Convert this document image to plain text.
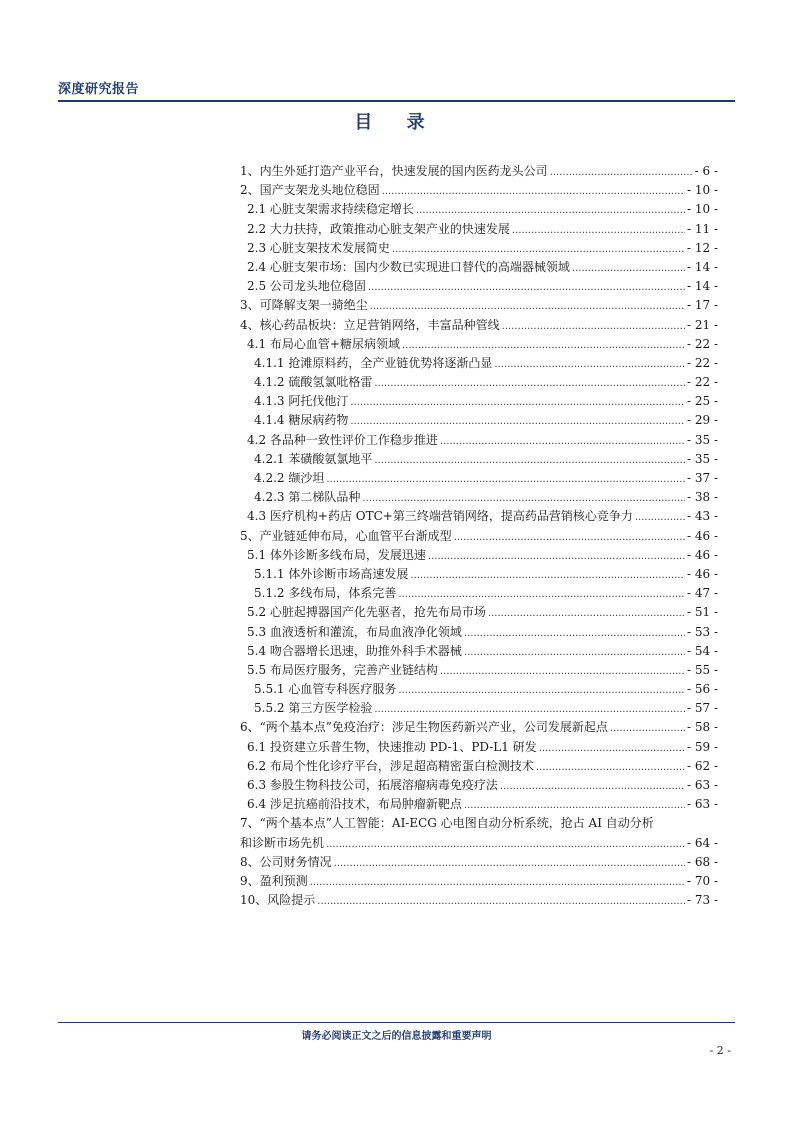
深度研究报告
目 录
1、内生外延打造产业平台，快速发展的国内医药龙头公司 .....	- 6 -
2、国产支架龙头地位稳固 .....	- 10 -
2.1 心脏支架需求持续稳定增长 .....	- 10 -
2.2 大力扶持，政策推动心脏支架产业的快速发展 .....	- 11 -
2.3 心脏支架技术发展简史 .....	- 12 -
2.4 心脏支架市场：国内少数已实现进口替代的高端器械领域 .....	- 14 -
2.5 公司龙头地位稳固 .....	- 14 -
3、可降解支架一骑绝尘 .....	- 17 -
4、核心药品板块：立足营销网络，丰富品种管线 .....	- 21 -
4.1 布局心血管+糖尿病领域 .....	- 22 -
4.1.1 抢滩原料药，全产业链优势将逐渐凸显 .....	- 22 -
4.1.2 硫酸氢氯吡格雷 .....	- 22 -
4.1.3 阿托伐他汀 .....	- 25 -
4.1.4 糖尿病药物 .....	- 29 -
4.2 各品种一致性评价工作稳步推进 .....	- 35 -
4.2.1 苯磺酸氨氯地平 .....	- 35 -
4.2.2 缬沙坦 .....	- 37 -
4.2.3 第二梯队品种 .....	- 38 -
4.3 医疗机构+药店 OTC+第三终端营销网络，提高药品营销核心竞争力 .....	- 43 -
5、产业链延伸布局，心血管平台渐成型 .....	- 46 -
5.1 体外诊断多线布局，发展迅速 .....	- 46 -
5.1.1 体外诊断市场高速发展 .....	- 46 -
5.1.2 多线布局，体系完善 .....	- 47 -
5.2 心脏起搏器国产化先驱者，抢先布局市场 .....	- 51 -
5.3 血液透析和灌流，布局血液净化领域 .....	- 53 -
5.4 吻合器增长迅速，助推外科手术器械 .....	- 54 -
5.5 布局医疗服务，完善产业链结构 .....	- 55 -
5.5.1 心血管专科医疗服务 .....	- 56 -
5.5.2 第三方医学检验 .....	- 57 -
6、“两个基本点”免疫治疗：涉足生物医药新兴产业，公司发展新起点 .....	- 58 -
6.1 投资建立乐普生物，快速推动 PD-1、PD-L1 研发 .....	- 59 -
6.2 布局个性化诊疗平台，涉足超高精密蛋白检测技术 .....	- 62 -
6.3 参股生物科技公司，拓展溶瘤病毒免疫疗法 .....	- 63 -
6.4 涉足抗癌前沿技术，布局肿瘤新靶点 .....	- 63 -
7、“两个基本点”人工智能：AI-ECG 心电图自动分析系统，抢占 AI 自动分析
和诊断市场先机 .....	- 64 -
8、公司财务情况 .....	- 68 -
9、盈利预测 .....	- 70 -
10、风险提示 .....	- 73 -
请务必阅读正文之后的信息披露和重要声明
- 2 -
